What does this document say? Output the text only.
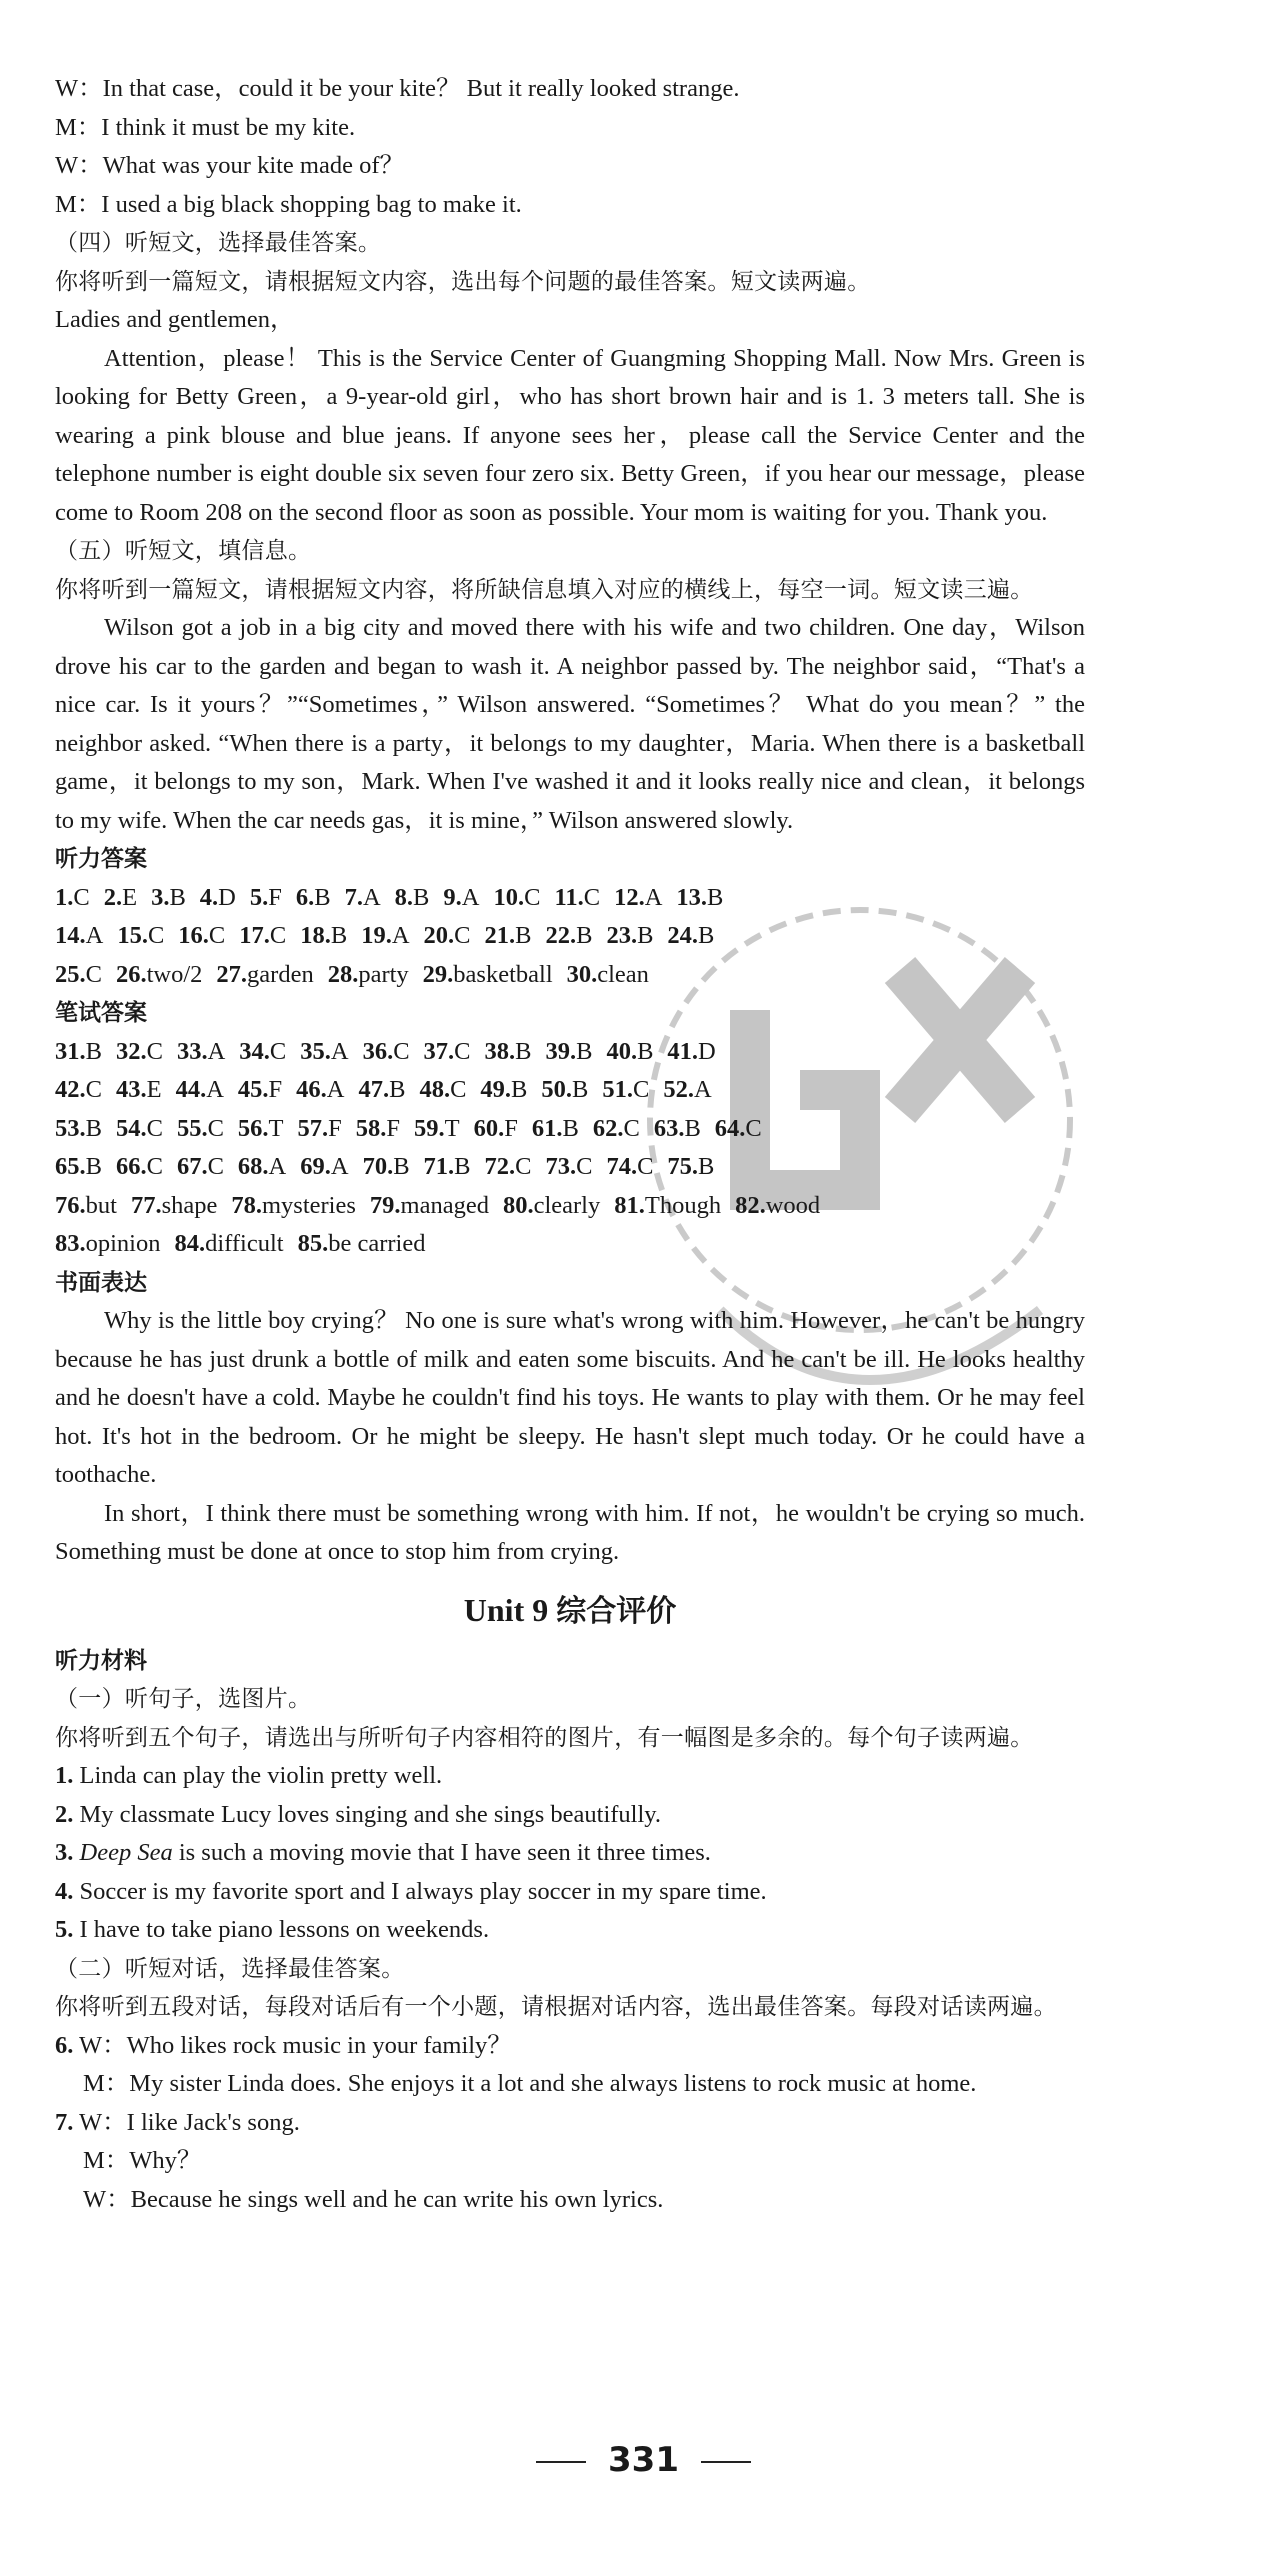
W：In that case，could it be your kite？ But it really looked strange.
M：I think it must be my kite.
W：What was your kite made of？
M：I used a big black shopping bag to make it.
（四）听短文，选择最佳答案。
你将听到一篇短文，请根据短文内容，选出每个问题的最佳答案。短文读两遍。
Ladies and gentlemen，
Attention，please！ This is the Service Center of Guangming Shopping Mall. Now Mrs. Green is looking for Betty Green，a 9-year-old girl，who has short brown hair and is 1. 3 meters tall. She is wearing a pink blouse and blue jeans. If anyone sees her，please call the Service Center and the telephone number is eight double six seven four zero six. Betty Green，if you hear our message，please come to Room 208 on the second floor as soon as possible. Your mom is waiting for you. Thank you.
（五）听短文，填信息。
你将听到一篇短文，请根据短文内容，将所缺信息填入对应的横线上，每空一词。短文读三遍。
Wilson got a job in a big city and moved there with his wife and two children. One day，Wilson drove his car to the garden and began to wash it. A neighbor passed by. The neighbor said，“That's a nice car. Is it yours？”“Sometimes，” Wilson answered. “Sometimes？ What do you mean？” the neighbor asked. “When there is a party，it belongs to my daughter，Maria. When there is a basketball game，it belongs to my son，Mark. When I've washed it and it looks really nice and clean，it belongs to my wife. When the car needs gas，it is mine，” Wilson answered slowly.
听力答案
1.C 2.E 3.B 4.D 5.F 6.B 7.A 8.B 9.A 10.C 11.C 12.A 13.B
14.A 15.C 16.C 17.C 18.B 19.A 20.C 21.B 22.B 23.B 24.B
25.C 26.two/2 27.garden 28.party 29.basketball 30.clean
笔试答案
31.B 32.C 33.A 34.C 35.A 36.C 37.C 38.B 39.B 40.B 41.D
42.C 43.E 44.A 45.F 46.A 47.B 48.C 49.B 50.B 51.C 52.A
53.B 54.C 55.C 56.T 57.F 58.F 59.T 60.F 61.B 62.C 63.B 64.C
65.B 66.C 67.C 68.A 69.A 70.B 71.B 72.C 73.C 74.C 75.B
76.but 77.shape 78.mysteries 79.managed 80.clearly 81.Though 82.wood
83.opinion 84.difficult 85.be carried
书面表达
Why is the little boy crying？ No one is sure what's wrong with him. However，he can't be hungry because he has just drunk a bottle of milk and eaten some biscuits. And he can't be ill. He looks healthy and he doesn't have a cold. Maybe he couldn't find his toys. He wants to play with them. Or he may feel hot. It's hot in the bedroom. Or he might be sleepy. He hasn't slept much today. Or he could have a toothache.
In short，I think there must be something wrong with him. If not，he wouldn't be crying so much. Something must be done at once to stop him from crying.
Unit 9 综合评价
听力材料
（一）听句子，选图片。
你将听到五个句子，请选出与所听句子内容相符的图片，有一幅图是多余的。每个句子读两遍。
1. Linda can play the violin pretty well.
2. My classmate Lucy loves singing and she sings beautifully.
3. Deep Sea is such a moving movie that I have seen it three times.
4. Soccer is my favorite sport and I always play soccer in my spare time.
5. I have to take piano lessons on weekends.
（二）听短对话，选择最佳答案。
你将听到五段对话，每段对话后有一个小题，请根据对话内容，选出最佳答案。每段对话读两遍。
6. W：Who likes rock music in your family？
M：My sister Linda does. She enjoys it a lot and she always listens to rock music at home.
7. W：I like Jack's song.
M：Why？
W：Because he sings well and he can write his own lyrics.
331
